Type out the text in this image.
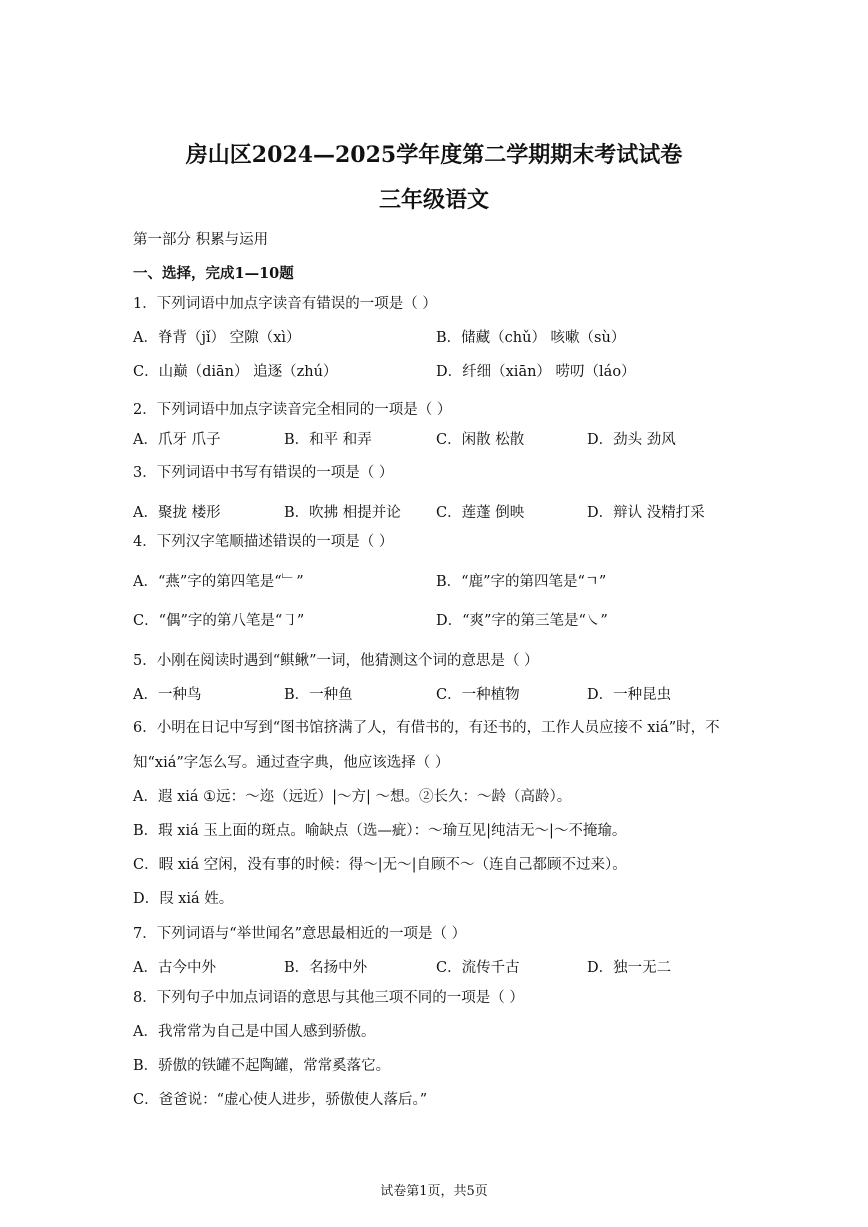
房山区2024—2025学年度第二学期期末考试试卷
三年级语文
第一部分 积累与运用
一、选择，完成1—10题
1．下列词语中加点字读音有错误的一项是（ ）
A．脊背（jǐ） 空隙（xì）	B．储藏（chǔ） 咳嗽（sù）
C．山巅（diān） 追逐（zhú）	D．纤细（xiān） 唠叨（láo）
2．下列词语中加点字读音完全相同的一项是（ ）
A．爪牙 爪子	B．和平 和弄	C．闲散 松散	D．劲头 劲风
3．下列词语中书写有错误的一项是（ ）
A．聚拢 楼形	B．吹拂 相提并论 C．莲蓬 倒映	D．辩认 没精打采
4．下列汉字笔顺描述错误的一项是（ ）
A．“燕”字的第四笔是“﹂”	B．“鹿”字的第四笔是“ㄱ”
C．“偶”字的第八笔是“㇆”	D．“爽”字的第三笔是“㇏”
5．小刚在阅读时遇到“鲯鳅”一词，他猜测这个词的意思是（ ）
A．一种鸟	B．一种鱼	C．一种植物	D．一种昆虫
6．小明在日记中写到“图书馆挤满了人，有借书的，有还书的，工作人员应接不 xiá”时，不
知“xiá”字怎么写。通过查字典，他应该选择（ ）
A．遐 xiá ①远：～迩（远近）|～方| ～想。②长久：～龄（高龄）。
B．瑕 xiá 玉上面的斑点。喻缺点（选—疵）：～瑜互见|纯洁无～|～不掩瑜。
C．暇 xiá 空闲，没有事的时候：得～|无～|自顾不～（连自己都顾不过来）。
D．叚 xiá 姓。
7．下列词语与“举世闻名”意思最相近的一项是（ ）
A．古今中外	B．名扬中外	C．流传千古	D．独一无二
8．下列句子中加点词语的意思与其他三项不同的一项是（ ）
A．我常常为自己是中国人感到骄傲。
B．骄傲的铁罐不起陶罐，常常奚落它。
C．爸爸说：“虚心使人进步，骄傲使人落后。”
试卷第1页，共5页
